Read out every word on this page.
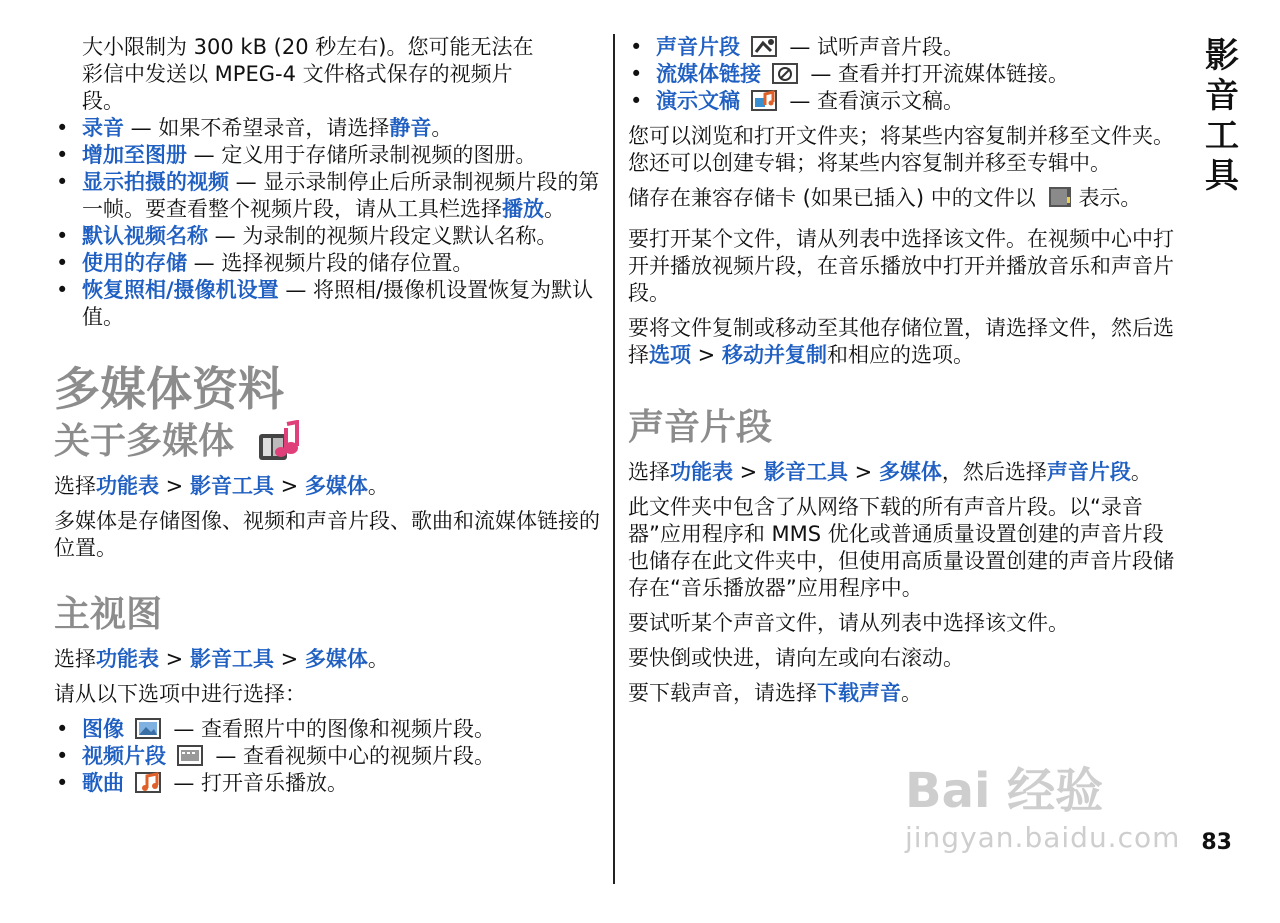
大小限制为 300 kB (20 秒左右)。您可能无法在

彩信中发送以 MPEG-4 文件格式保存的视频片

段。

• 录音 — 如果不希望录音，请选择静音。
• 增加至图册 — 定义用于存储所录制视频的图册。
• 显示拍摄的视频 — 显示录制停止后所录制视频片段的第一帧。要查看整个视频片段，请从工具栏选择播放。
• 默认视频名称 — 为录制的视频片段定义默认名称。
• 使用的存储 — 选择视频片段的储存位置。
• 恢复照相/摄像机设置 — 将照相/摄像机设置恢复为默认值。
多媒体资料
关于多媒体

选择功能表 > 影音工具 > 多媒体。

多媒体是存储图像、视频和声音片段、歌曲和流媒体链接的位置。

主视图

选择功能表 > 影音工具 > 多媒体。

请从以下选项中进行选择：

• 图像  — 查看照片中的图像和视频片段。
• 视频片段  — 查看视频中心的视频片段。
• 歌曲  — 打开音乐播放。
• 声音片段  — 试听声音片段。
• 流媒体链接  — 查看并打开流媒体链接。
• 演示文稿  — 查看演示文稿。

您可以浏览和打开文件夹；将某些内容复制并移至文件夹。您还可以创建专辑；将某些内容复制并移至专辑中。

储存在兼容存储卡 (如果已插入) 中的文件以 表示。

要打开某个文件，请从列表中选择该文件。在视频中心中打开并播放视频片段，在音乐播放中打开并播放音乐和声音片段。

要将文件复制或移动至其他存储位置，请选择文件，然后选择选项 > 移动并复制和相应的选项。

声音片段

选择功能表 > 影音工具 > 多媒体，然后选择声音片段。

此文件夹中包含了从网络下载的所有声音片段。以“录音器”应用程序和 MMS 优化或普通质量设置创建的声音片段也储存在此文件夹中，但使用高质量设置创建的声音片段储存在“音乐播放器”应用程序中。

要试听某个声音文件，请从列表中选择该文件。

要快倒或快进，请向左或向右滚动。

要下载声音，请选择下载声音。

影音工具
83
Bai 经验
jingyan.baidu.com
